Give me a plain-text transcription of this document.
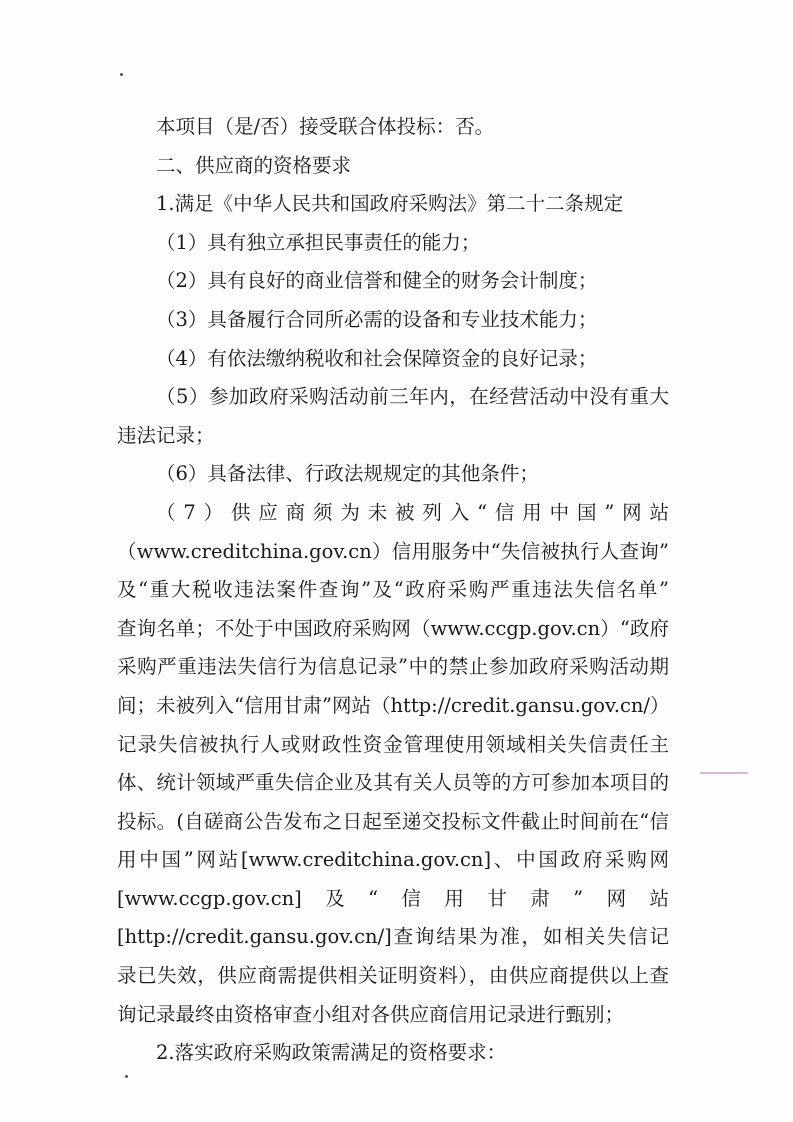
本项目（是/否）接受联合体投标：否。

二、供应商的资格要求

1.满足《中华人民共和国政府采购法》第二十二条规定

（1）具有独立承担民事责任的能力；

（2）具有良好的商业信誉和健全的财务会计制度；

（3）具备履行合同所必需的设备和专业技术能力；

（4）有依法缴纳税收和社会保障资金的良好记录；

（5）参加政府采购活动前三年内，在经营活动中没有重大

违法记录；

（6）具备法律、行政法规规定的其他条件；

（7）供应商须为未被列入“信用中国”网站

（www.creditchina.gov.cn）信用服务中“失信被执行人查询”

及“重大税收违法案件查询”及“政府采购严重违法失信名单”

查询名单；不处于中国政府采购网（www.ccgp.gov.cn）“政府

采购严重违法失信行为信息记录”中的禁止参加政府采购活动期

间；未被列入“信用甘肃”网站（http://credit.gansu.gov.cn/）

记录失信被执行人或财政性资金管理使用领域相关失信责任主

体、统计领域严重失信企业及其有关人员等的方可参加本项目的

投标。(自磋商公告发布之日起至递交投标文件截止时间前在“信

用中国”网站[www.creditchina.gov.cn]、中国政府采购网

[www.ccgp.gov.cn]及“信用甘肃”网站

[http://credit.gansu.gov.cn/]查询结果为准，如相关失信记

录已失效，供应商需提供相关证明资料），由供应商提供以上查

询记录最终由资格审查小组对各供应商信用记录进行甄别；

2.落实政府采购政策需满足的资格要求：
